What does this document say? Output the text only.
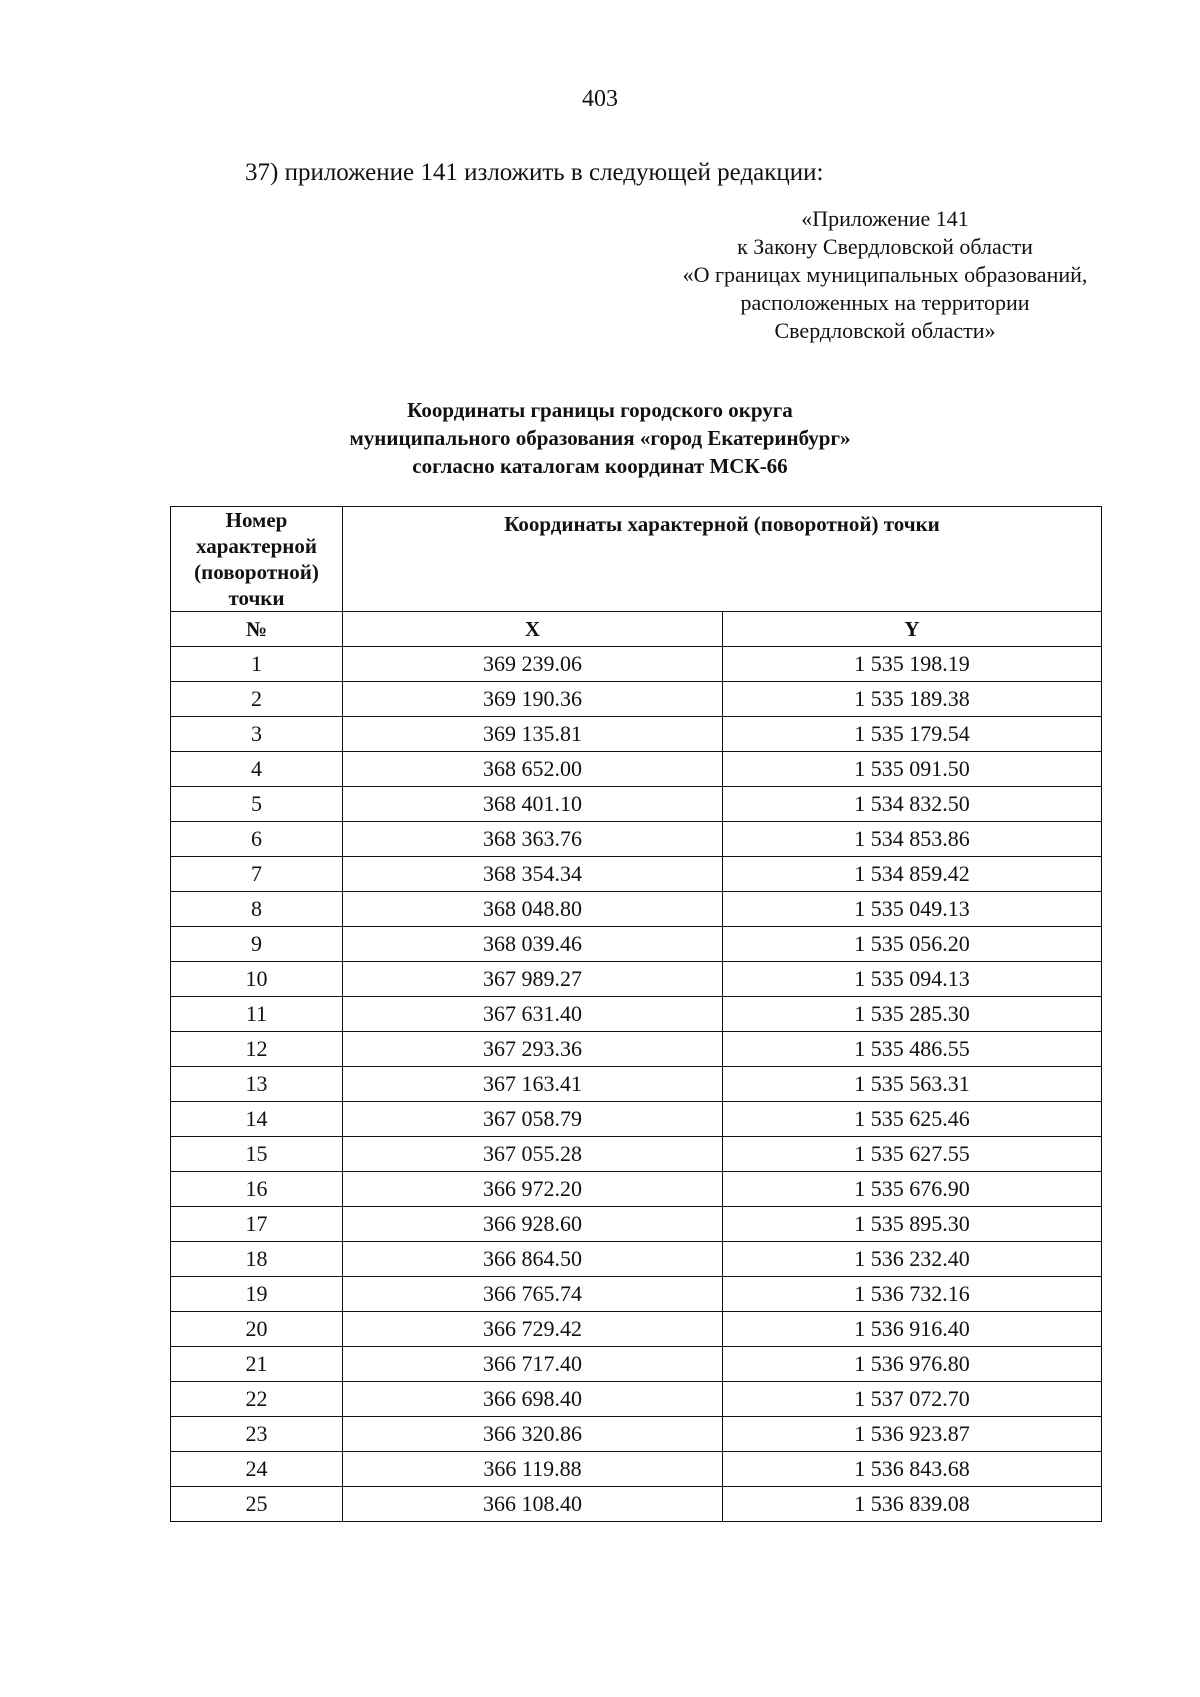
403
37) приложение 141 изложить в следующей редакции:
«Приложение 141
к Закону Свердловской области
«О границах муниципальных образований,
расположенных на территории
Свердловской области»
Координаты границы городского округа
муниципального образования «город Екатеринбург»
согласно каталогам координат МСК-66
Номер
характерной
(поворотной)
точки	Координаты характерной (поворотной) точки	
№	X	Y
1	369 239.06	1 535 198.19
2	369 190.36	1 535 189.38
3	369 135.81	1 535 179.54
4	368 652.00	1 535 091.50
5	368 401.10	1 534 832.50
6	368 363.76	1 534 853.86
7	368 354.34	1 534 859.42
8	368 048.80	1 535 049.13
9	368 039.46	1 535 056.20
10	367 989.27	1 535 094.13
11	367 631.40	1 535 285.30
12	367 293.36	1 535 486.55
13	367 163.41	1 535 563.31
14	367 058.79	1 535 625.46
15	367 055.28	1 535 627.55
16	366 972.20	1 535 676.90
17	366 928.60	1 535 895.30
18	366 864.50	1 536 232.40
19	366 765.74	1 536 732.16
20	366 729.42	1 536 916.40
21	366 717.40	1 536 976.80
22	366 698.40	1 537 072.70
23	366 320.86	1 536 923.87
24	366 119.88	1 536 843.68
25	366 108.40	1 536 839.08
